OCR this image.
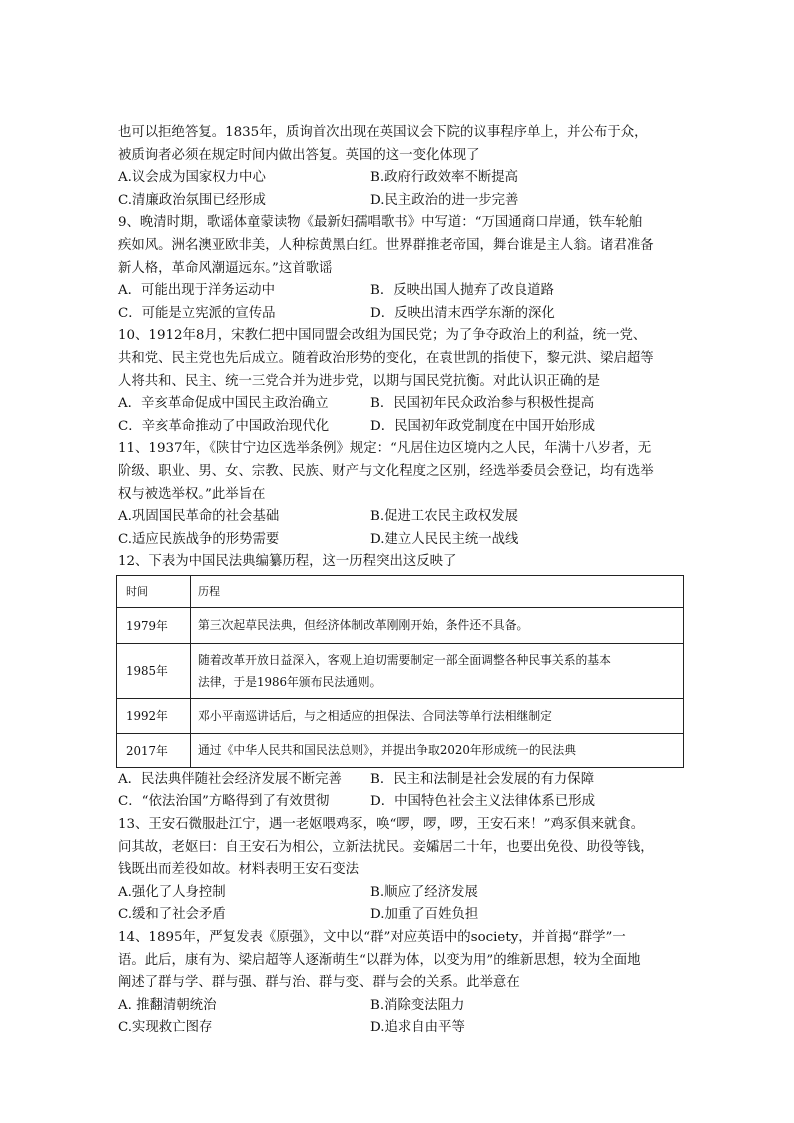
也可以拒绝答复。1835年，质询首次出现在英国议会下院的议事程序单上，并公布于众，
被质询者必须在规定时间内做出答复。英国的这一变化体现了
A.议会成为国家权力中心	B.政府行政效率不断提高
C.清廉政治氛围已经形成	D.民主政治的进一步完善
9、晚清时期，歌谣体童蒙读物《最新妇孺唱歌书》中写道：“万国通商口岸通，铁车轮舶
疾如风。洲名澳亚欧非美，人种棕黄黑白红。世界群推老帝国，舞台谁是主人翁。诸君准备
新人格，革命风潮逼远东。”这首歌谣
A．可能出现于洋务运动中	B．反映出国人抛弃了改良道路
C．可能是立宪派的宣传品	D．反映出清末西学东渐的深化
10、1912年8月，宋教仁把中国同盟会改组为国民党；为了争夺政治上的利益，统一党、
共和党、民主党也先后成立。随着政治形势的变化，在袁世凯的指使下，黎元洪、梁启超等
人将共和、民主、统一三党合并为进步党，以期与国民党抗衡。对此认识正确的是
A．辛亥革命促成中国民主政治确立	B．民国初年民众政治参与积极性提高
C．辛亥革命推动了中国政治现代化	D．民国初年政党制度在中国开始形成
11、1937年，《陕甘宁边区选举条例》规定：“凡居住边区境内之人民，年满十八岁者，无
阶级、职业、男、女、宗教、民族、财产与文化程度之区别，经选举委员会登记，均有选举
权与被选举权。”此举旨在
A.巩固国民革命的社会基础	B.促进工农民主政权发展
C.适应民族战争的形势需要	D.建立人民民主统一战线
12、下表为中国民法典编纂历程，这一历程突出这反映了
时间	历程
1979年	第三次起草民法典，但经济体制改革刚刚开始，条件还不具备。

1985年	随着改革开放日益深入，客观上迫切需要制定一部全面调整各种民事关系的基本
法律，于是1986年颁布民法通则。

1992年	邓小平南巡讲话后，与之相适应的担保法、合同法等单行法相继制定

2017年	通过《中华人民共和国民法总则》，并提出争取2020年形成统一的民法典
A．民法典伴随社会经济发展不断完善	B．民主和法制是社会发展的有力保障
C．“依法治国”方略得到了有效贯彻	D．中国特色社会主义法律体系已形成
13、王安石微服赴江宁，遇一老妪喂鸡豕，唤“啰，啰，啰，王安石来！”鸡豕俱来就食。
问其故，老妪曰：自王安石为相公，立新法扰民。妾孀居二十年，也要出免役、助役等钱，
钱既出而差役如故。材料表明王安石变法
A.强化了人身控制	B.顺应了经济发展
C.缓和了社会矛盾	D.加重了百姓负担
14、1895年，严复发表《原强》，文中以“群”对应英语中的society，并首揭“群学”一
语。此后，康有为、梁启超等人逐渐萌生“以群为体，以变为用”的维新思想，较为全面地
阐述了群与学、群与强、群与治、群与变、群与会的关系。此举意在
A. 推翻清朝统治	B.消除变法阻力
C.实现救亡图存	D.追求自由平等
